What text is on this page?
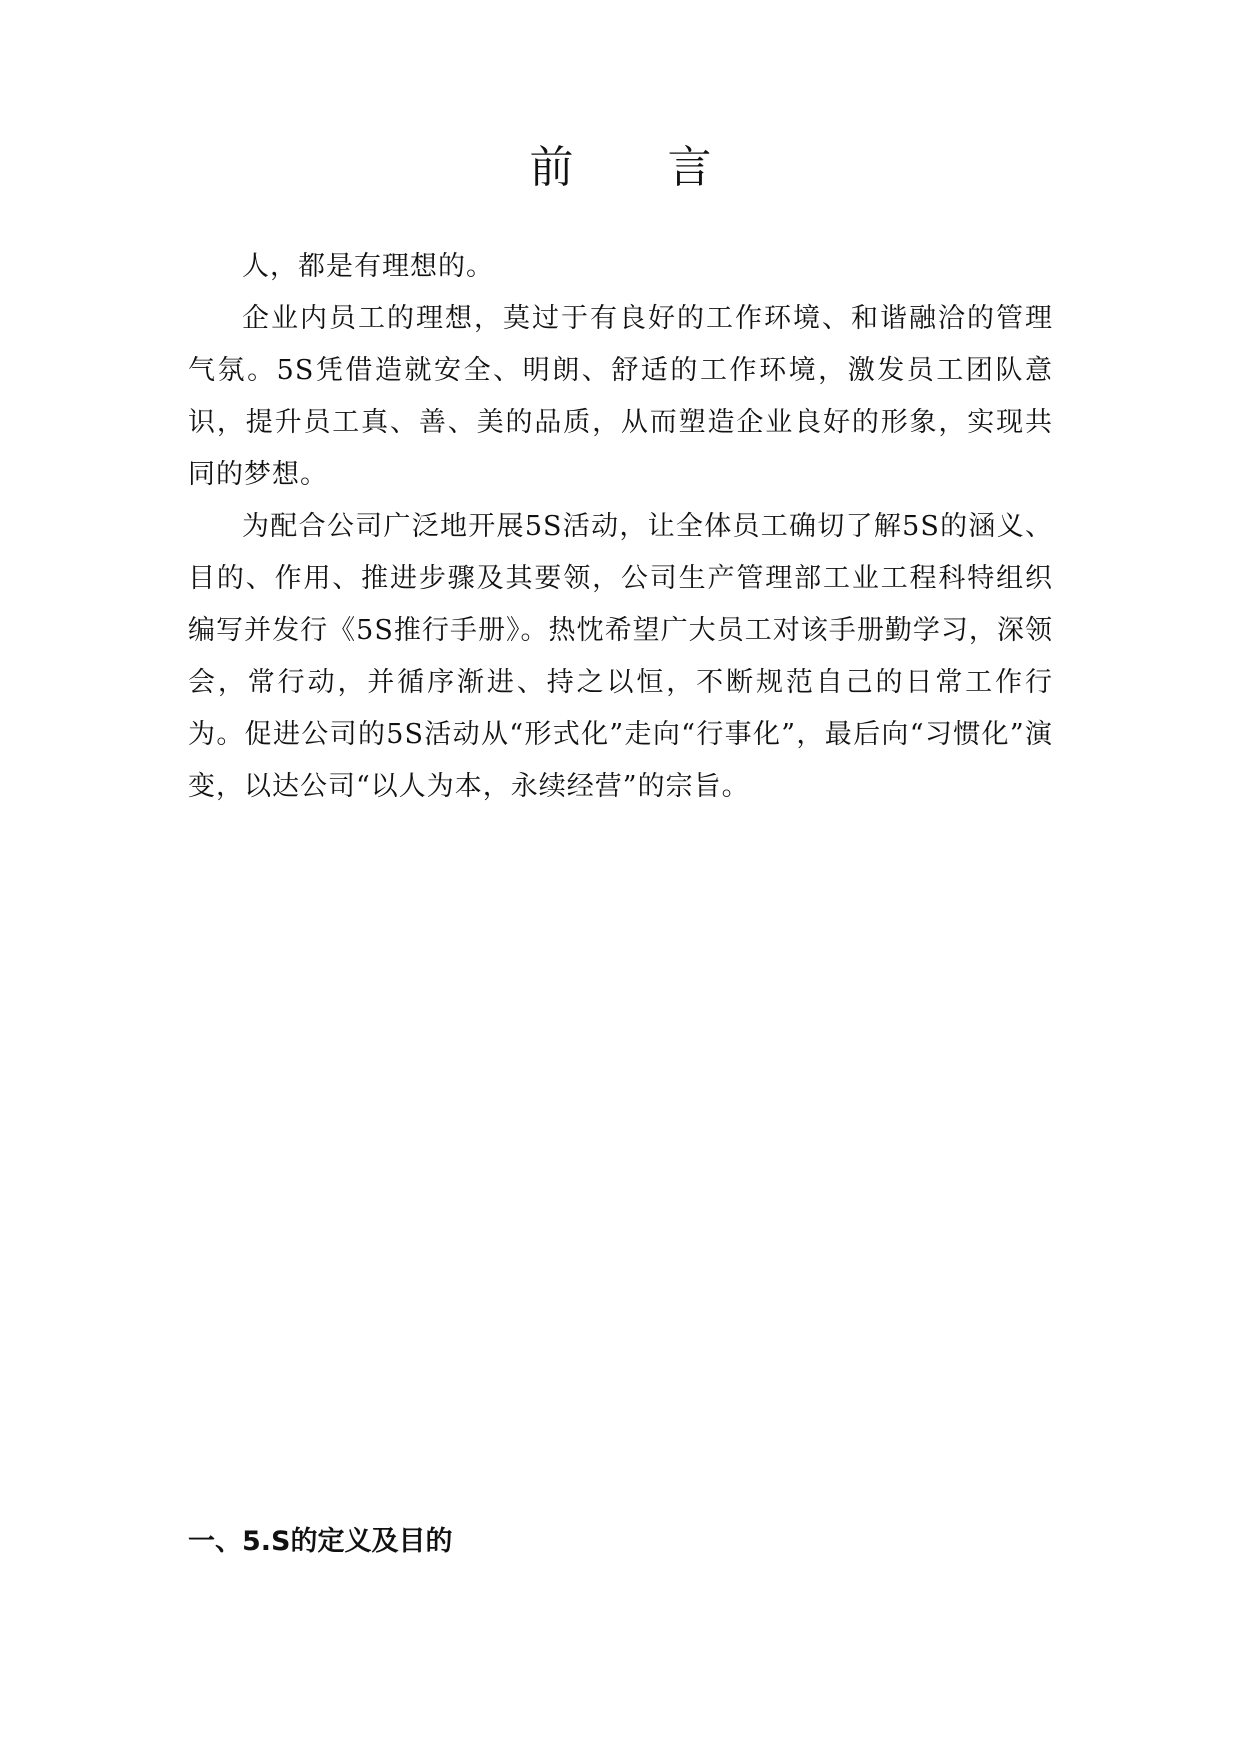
前 言

人，都是有理想的。

企业内员工的理想，莫过于有良好的工作环境、和谐融洽的管理气氛。5S凭借造就安全、明朗、舒适的工作环境，激发员工团队意识，提升员工真、善、美的品质，从而塑造企业良好的形象，实现共同的梦想。

为配合公司广泛地开展5S活动，让全体员工确切了解5S的涵义、目的、作用、推进步骤及其要领，公司生产管理部工业工程科特组织编写并发行《5S推行手册》。热忱希望广大员工对该手册勤学习，深领会，常行动，并循序渐进、持之以恒，不断规范自己的日常工作行为。促进公司的5S活动从“形式化”走向“行事化”，最后向“习惯化”演变，以达公司“以人为本，永续经营”的宗旨。

一、5.S的定义及目的
